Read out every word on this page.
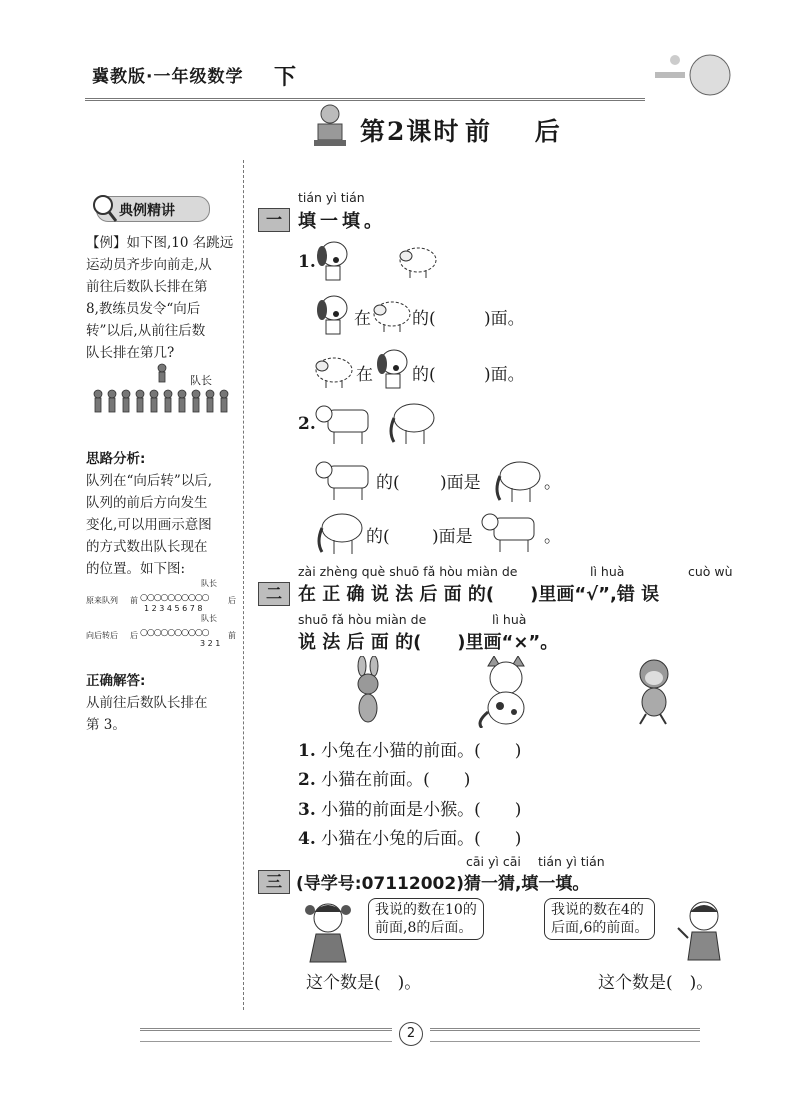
冀教版·一年级数学 下
第2课时 前 后
典例精讲
【例】如下图,10 名跳远
运动员齐步向前走,从
前往后数队长排在第
8,教练员发令“向后
转”以后,从前往后数
队长排在第几?
队长
思路分析:
队列在“向后转”以后,
队列的前后方向发生
变化,可以用画示意图
的方式数出队长现在
的位置。如下图:
队长
原来队列 前 ○○○○○○○○○○ 后
1 2 3 4 5 6 7 8
队长
向后转后 后 ○○○○○○○○○○ 前
3 2 1
正确解答:
从前往后数队长排在
第 3。
tián yì tián
一 填一填。
1.
在 的(	)面。
在 的(	)面。
2.
的( )面是	。
的( )面是	。
zài zhèng què shuō fǎ hòu miàn de	lì huà	cuò wù
二 在 正 确 说 法 后 面 的(　　)里画“√”,错 误
shuō fǎ hòu miàn de	lì huà
说 法 后 面 的(　　)里画“×”。
1. 小兔在小猫的前面。(　　)
2. 小猫在前面。(　　)
3. 小猫的前面是小猴。(　　)
4. 小猫在小兔的后面。(　　)
cāi yì cāi tián yì tián
三 (导学号:07112002)猜一猜,填一填。
我说的数在10的
前面,8的后面。
我说的数在4的
后面,6的前面。
这个数是(　)。	这个数是(　)。
2
